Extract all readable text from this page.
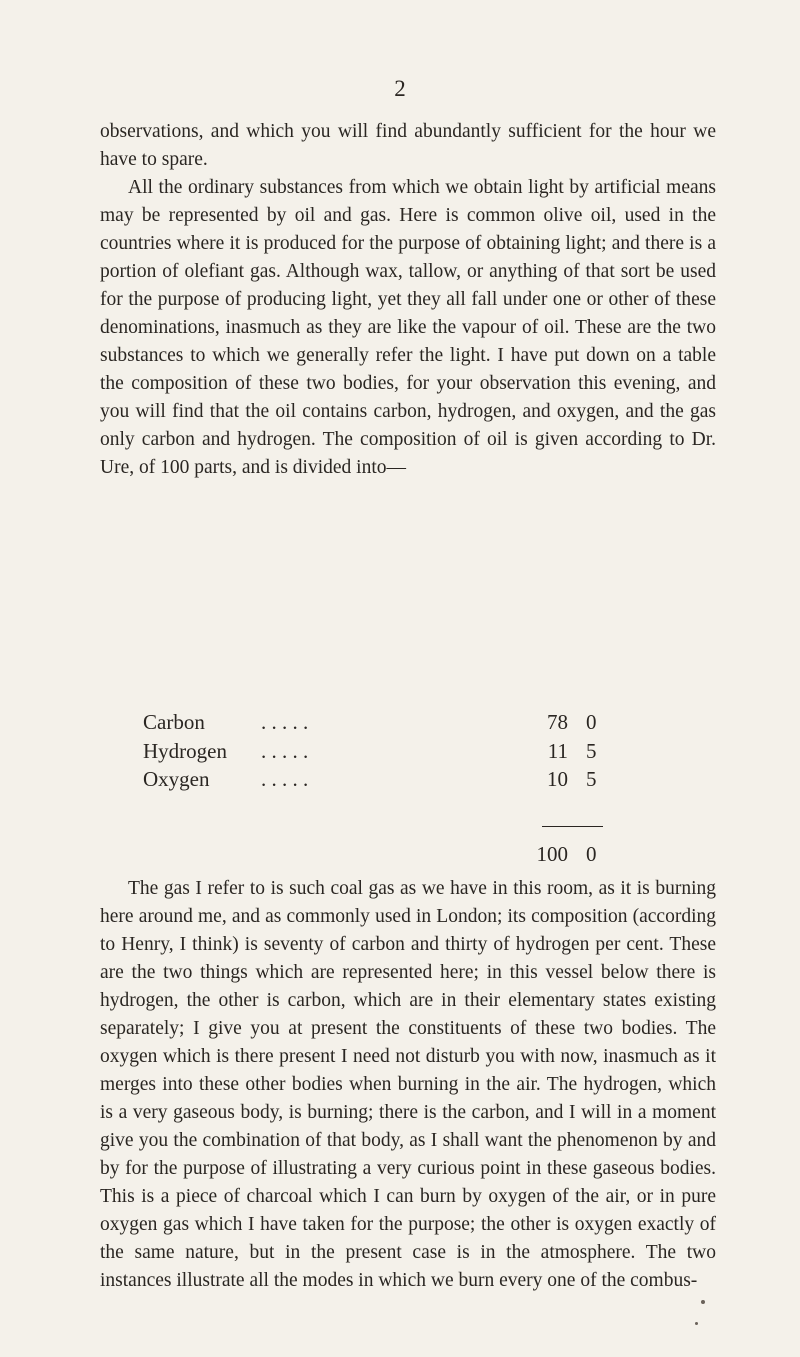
2

observations, and which you will find abundantly sufficient for the hour we have to spare.

All the ordinary substances from which we obtain light by artificial means may be represented by oil and gas. Here is common olive oil, used in the countries where it is produced for the purpose of obtaining light; and there is a portion of olefiant gas. Although wax, tallow, or anything of that sort be used for the purpose of producing light, yet they all fall under one or other of these denominations, inasmuch as they are like the vapour of oil. These are the two substances to which we generally refer the light. I have put down on a table the composition of these two bodies, for your observation this evening, and you will find that the oil contains carbon, hydrogen, and oxygen, and the gas only carbon and hydrogen. The composition of oil is given according to Dr. Ure, of 100 parts, and is divided into—

Carbon	. . . . .	78 0
Hydrogen . . . . .	11 5
Oxygen . . . . .	10 5
100 0

The gas I refer to is such coal gas as we have in this room, as it is burning here around me, and as commonly used in London; its composition (according to Henry, I think) is seventy of carbon and thirty of hydrogen per cent. These are the two things which are represented here; in this vessel below there is hydrogen, the other is carbon, which are in their elementary states existing separately; I give you at present the constituents of these two bodies. The oxygen which is there present I need not disturb you with now, inasmuch as it merges into these other bodies when burning in the air. The hydrogen, which is a very gaseous body, is burning; there is the carbon, and I will in a moment give you the combination of that body, as I shall want the phenomenon by and by for the purpose of illustrating a very curious point in these gaseous bodies. This is a piece of charcoal which I can burn by oxygen of the air, or in pure oxygen gas which I have taken for the purpose; the other is oxygen exactly of the same nature, but in the present case is in the atmosphere. The two instances illustrate all the modes in which we burn every one of the combus-
